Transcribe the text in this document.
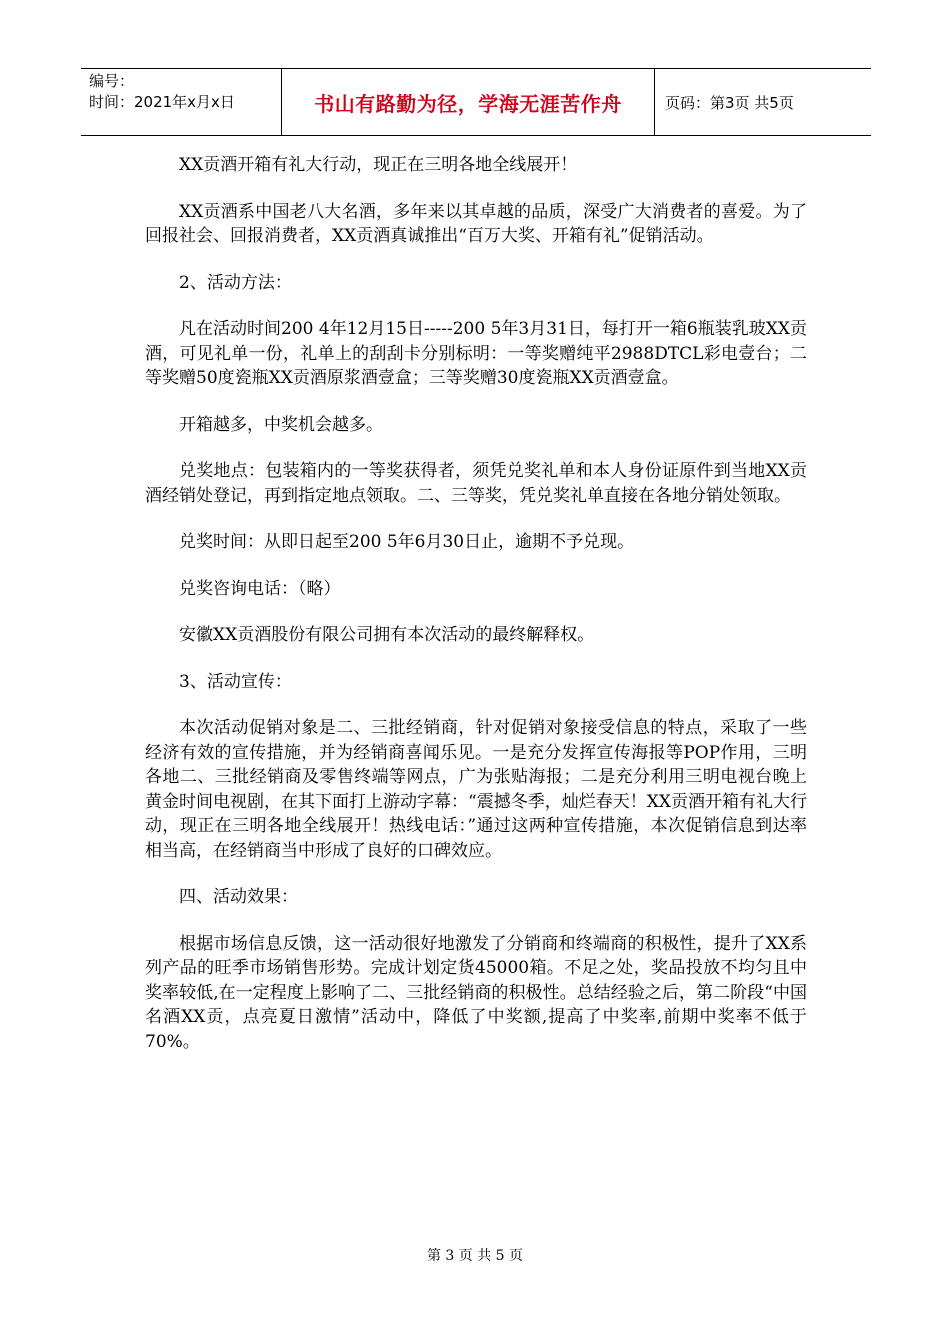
编号：
时间：2021年x月x日	书山有路勤为径，学海无涯苦作舟	页码：第3页 共5页

XX贡酒开箱有礼大行动，现正在三明各地全线展开！

XX贡酒系中国老八大名酒，多年来以其卓越的品质，深受广大消费者的喜爱。为了回报社会、回报消费者，XX贡酒真诚推出“百万大奖、开箱有礼”促销活动。

2、活动方法：

凡在活动时间200 4年12月15日-----200 5年3月31日，每打开一箱6瓶装乳玻XX贡酒，可见礼单一份，礼单上的刮刮卡分别标明：一等奖赠纯平2988DTCL彩电壹台；二等奖赠50度瓷瓶XX贡酒原浆酒壹盒；三等奖赠30度瓷瓶XX贡酒壹盒。

开箱越多，中奖机会越多。

兑奖地点：包装箱内的一等奖获得者，须凭兑奖礼单和本人身份证原件到当地XX贡酒经销处登记，再到指定地点领取。二、三等奖，凭兑奖礼单直接在各地分销处领取。

兑奖时间：从即日起至200 5年6月30日止，逾期不予兑现。

兑奖咨询电话：（略）

安徽XX贡酒股份有限公司拥有本次活动的最终解释权。

3、活动宣传：

本次活动促销对象是二、三批经销商，针对促销对象接受信息的特点，采取了一些经济有效的宣传措施，并为经销商喜闻乐见。一是充分发挥宣传海报等POP作用，三明各地二、三批经销商及零售终端等网点，广为张贴海报；二是充分利用三明电视台晚上黄金时间电视剧，在其下面打上游动字幕：“震撼冬季，灿烂春天！XX贡酒开箱有礼大行动，现正在三明各地全线展开！热线电话：”通过这两种宣传措施，本次促销信息到达率相当高，在经销商当中形成了良好的口碑效应。

四、活动效果：

根据市场信息反馈，这一活动很好地激发了分销商和终端商的积极性，提升了XX系列产品的旺季市场销售形势。完成计划定货45000箱。不足之处，奖品投放不均匀且中奖率较低,在一定程度上影响了二、三批经销商的积极性。总结经验之后，第二阶段“中国名酒XX贡，点亮夏日激情”活动中，降低了中奖额,提高了中奖率,前期中奖率不低于70%。

第 3 页 共 5 页
